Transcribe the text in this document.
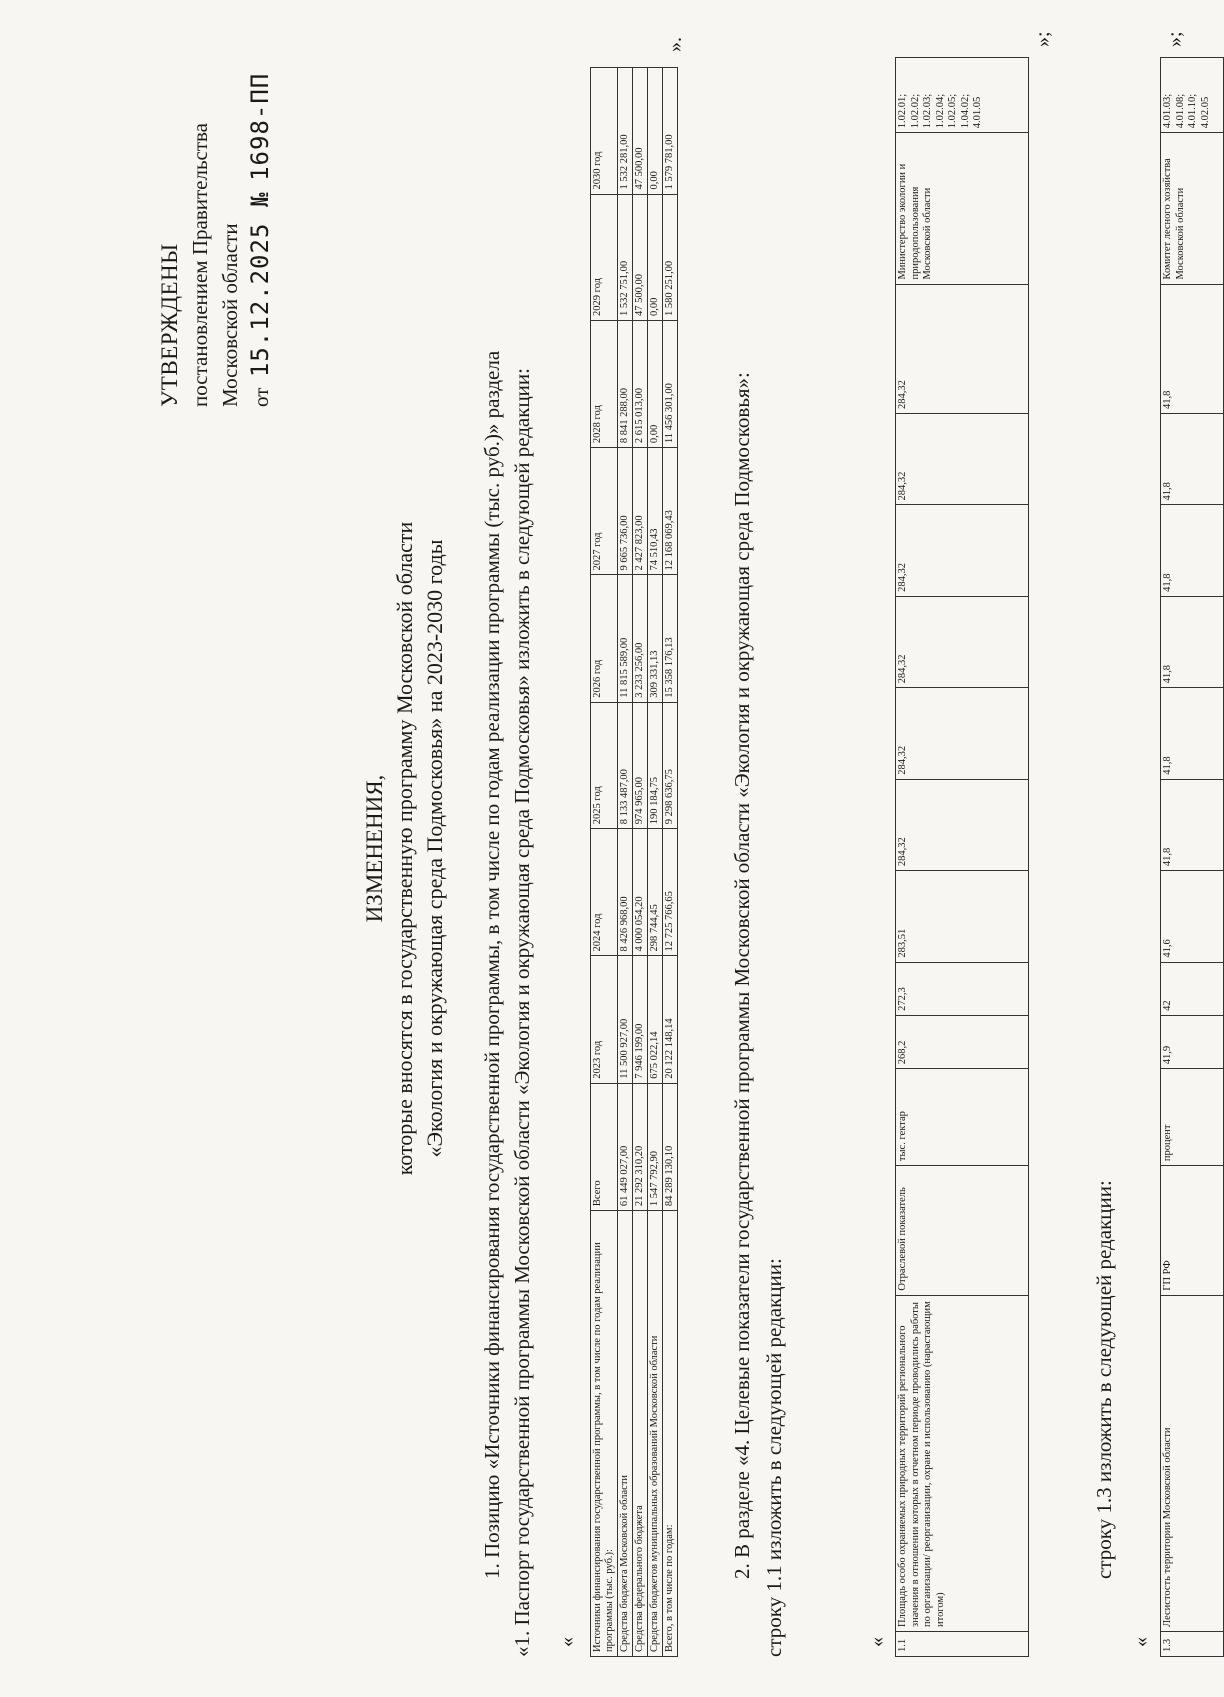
УТВЕРЖДЕНЫ постановлением Правительства Московской области от  15.12.2025   №  1698-ПП
ИЗМЕНЕНИЯ, которые вносятся в государственную программу Московской области «Экология и окружающая среда Подмосковья» на 2023-2030 годы 1. Позицию «Источники финансирования государственной программы, в том числе по годам реализации программы (тыс. руб.)» раздела «1. Паспорт государственной программы Московской области «Экология и окружающая среда Подмосковья» изложить в следующей редакции: « Источники финансирования государственной программы, в том числе по годам реализации программы (тыс. руб.):	Всего	2023 год	2024 год	2025 год	2026 год	2027 год	2028 год	2029 год	2030 год
Средства бюджета Московской области	61 449 027,00	11 500 927,00	8 426 968,00	8 133 487,00	11 815 589,00	9 665 736,00	8 841 288,00	1 532 751,00	1 532 281,00
Средства федерального бюджета	21 292 310,20	7 946 199,00	4 000 054,20	974 965,00	3 233 256,00	2 427 823,00	2 615 013,00	47 500,00	47 500,00
Средства бюджетов муниципальных образований Московской области	1 547 792,90	675 022,14	298 744,45	190 184,75	309 331,13	74 510,43	0,00	0,00	0,00
Всего, в том числе по годам:	84 289 130,10	20 122 148,14	12 725 766,65	9 298 636,75	15 358 176,13	12 168 069,43	11 456 301,00	1 580 251,00	1 579 781,00
».
2. В разделе «4. Целевые показатели государственной программы Московской области «Экология и окружающая среда Подмосковья»: строку 1.1 изложить в следующей редакции:	« 1.1	Площадь особо охраняемых природных территорий регионального значения в отношении которых в отчетном периоде проводились работы по организации/ реорганизации, охране и использованию (нарастающим итогом)	Отраслевой показатель	тыс. гектар	268,2	272,3	283,51	284,32	284,32	284,32	284,32	284,32	284,32	Министерство экологии и природопользования Московской области	1.02.01; 1.02.02; 1.02.03; 1.02.04; 1.02.05; 1.04.02; 4.01.05
»;
строку 1.3 изложить в следующей редакции:
« 1.3	Лесистость территории Московской области	ГП РФ	процент	41,9	42	41,6	41,8	41,8	41,8	41,8	41,8	41,8	Комитет лесного хозяйства Московской области	4.01.03; 4.01.08; 4.01.10; 4.02.05
»;
